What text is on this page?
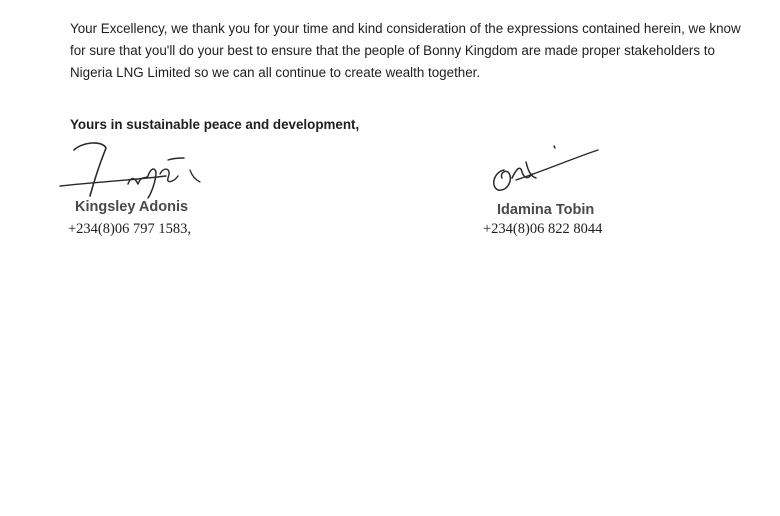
Your Excellency, we thank you for your time and kind consideration of the expressions contained herein, we know for sure that you'll do your best to ensure that the people of Bonny Kingdom are made proper stakeholders to Nigeria LNG Limited so we can all continue to create wealth together.

Yours in sustainable peace and development,

Kingsley Adonis

+234(8)06 797 1583,

Idamina Tobin

+234(8)06 822 8044
